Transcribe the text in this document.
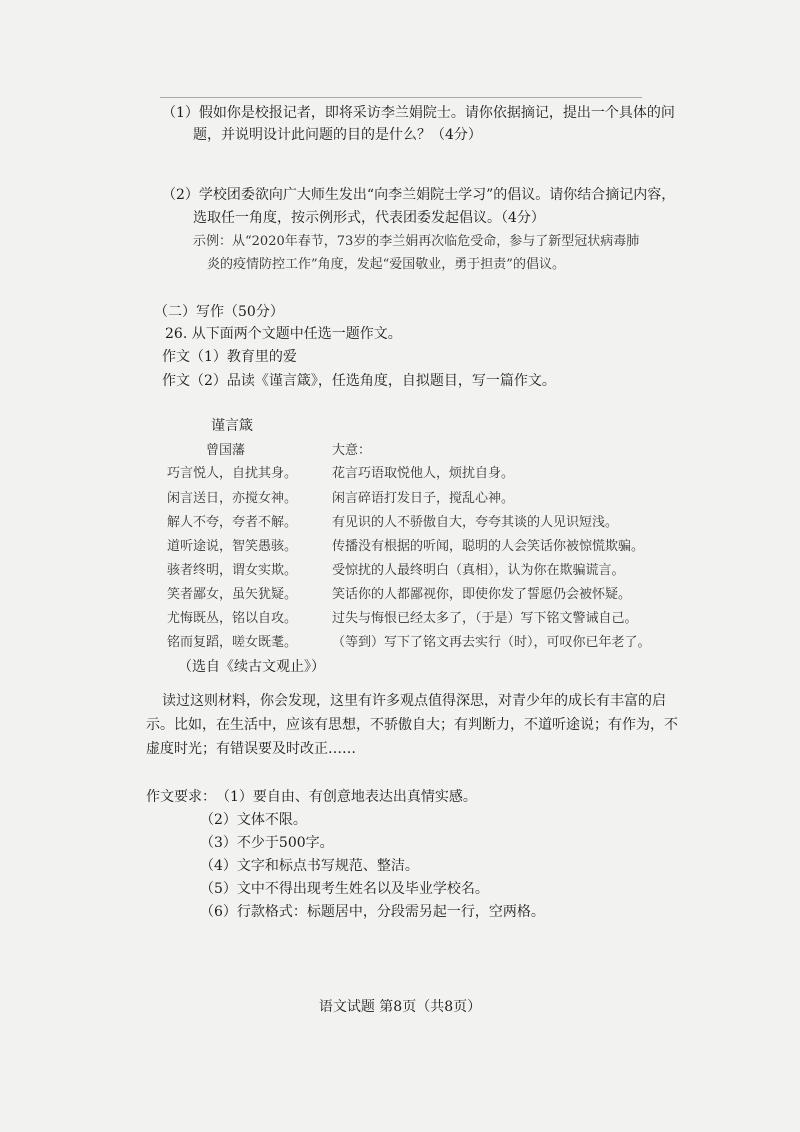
（1）假如你是校报记者，即将采访李兰娟院士。请你依据摘记，提出一个具体的问
题，并说明设计此问题的目的是什么？（4分）
（2）学校团委欲向广大师生发出“向李兰娟院士学习”的倡议。请你结合摘记内容，
选取任一角度，按示例形式，代表团委发起倡议。（4分）
示例：从“2020年春节，73岁的李兰娟再次临危受命，参与了新型冠状病毒肺
炎的疫情防控工作”角度，发起“爱国敬业，勇于担责”的倡议。
（二）写作（50分）
26. 从下面两个文题中任选一题作文。
作文（1）教育里的爱
作文（2）品读《谨言箴》，任选角度，自拟题目，写一篇作文。
谨言箴
曾国藩	大意：
巧言悦人，自扰其身。
闲言送日，亦搅女神。
解人不夸，夸者不解。
道听途说，智笑愚骇。
骇者终明，谓女实欺。
笑者鄙女，虽矢犹疑。
尤悔既丛，铭以自攻。
铭而复蹈，嗟女既耄。
花言巧语取悦他人，烦扰自身。
闲言碎语打发日子，搅乱心神。
有见识的人不骄傲自大，夸夸其谈的人见识短浅。
传播没有根据的听闻，聪明的人会笑话你被惊慌欺骗。
受惊扰的人最终明白（真相），认为你在欺骗谎言。
笑话你的人都鄙视你，即使你发了誓愿仍会被怀疑。
过失与悔恨已经太多了，（于是）写下铭文警诫自己。
（等到）写下了铭文再去实行（时），可叹你已年老了。
（选自《续古文观止》）
读过这则材料，你会发现，这里有许多观点值得深思，对青少年的成长有丰富的启
示。比如，在生活中，应该有思想，不骄傲自大；有判断力，不道听途说；有作为，不
虚度时光；有错误要及时改正……
作文要求： （1）要自由、有创意地表达出真情实感。
（2）文体不限。
（3）不少于500字。
（4）文字和标点书写规范、整洁。
（5）文中不得出现考生姓名以及毕业学校名。
（6）行款格式：标题居中，分段需另起一行，空两格。
语文试题 第8页（共8页）
